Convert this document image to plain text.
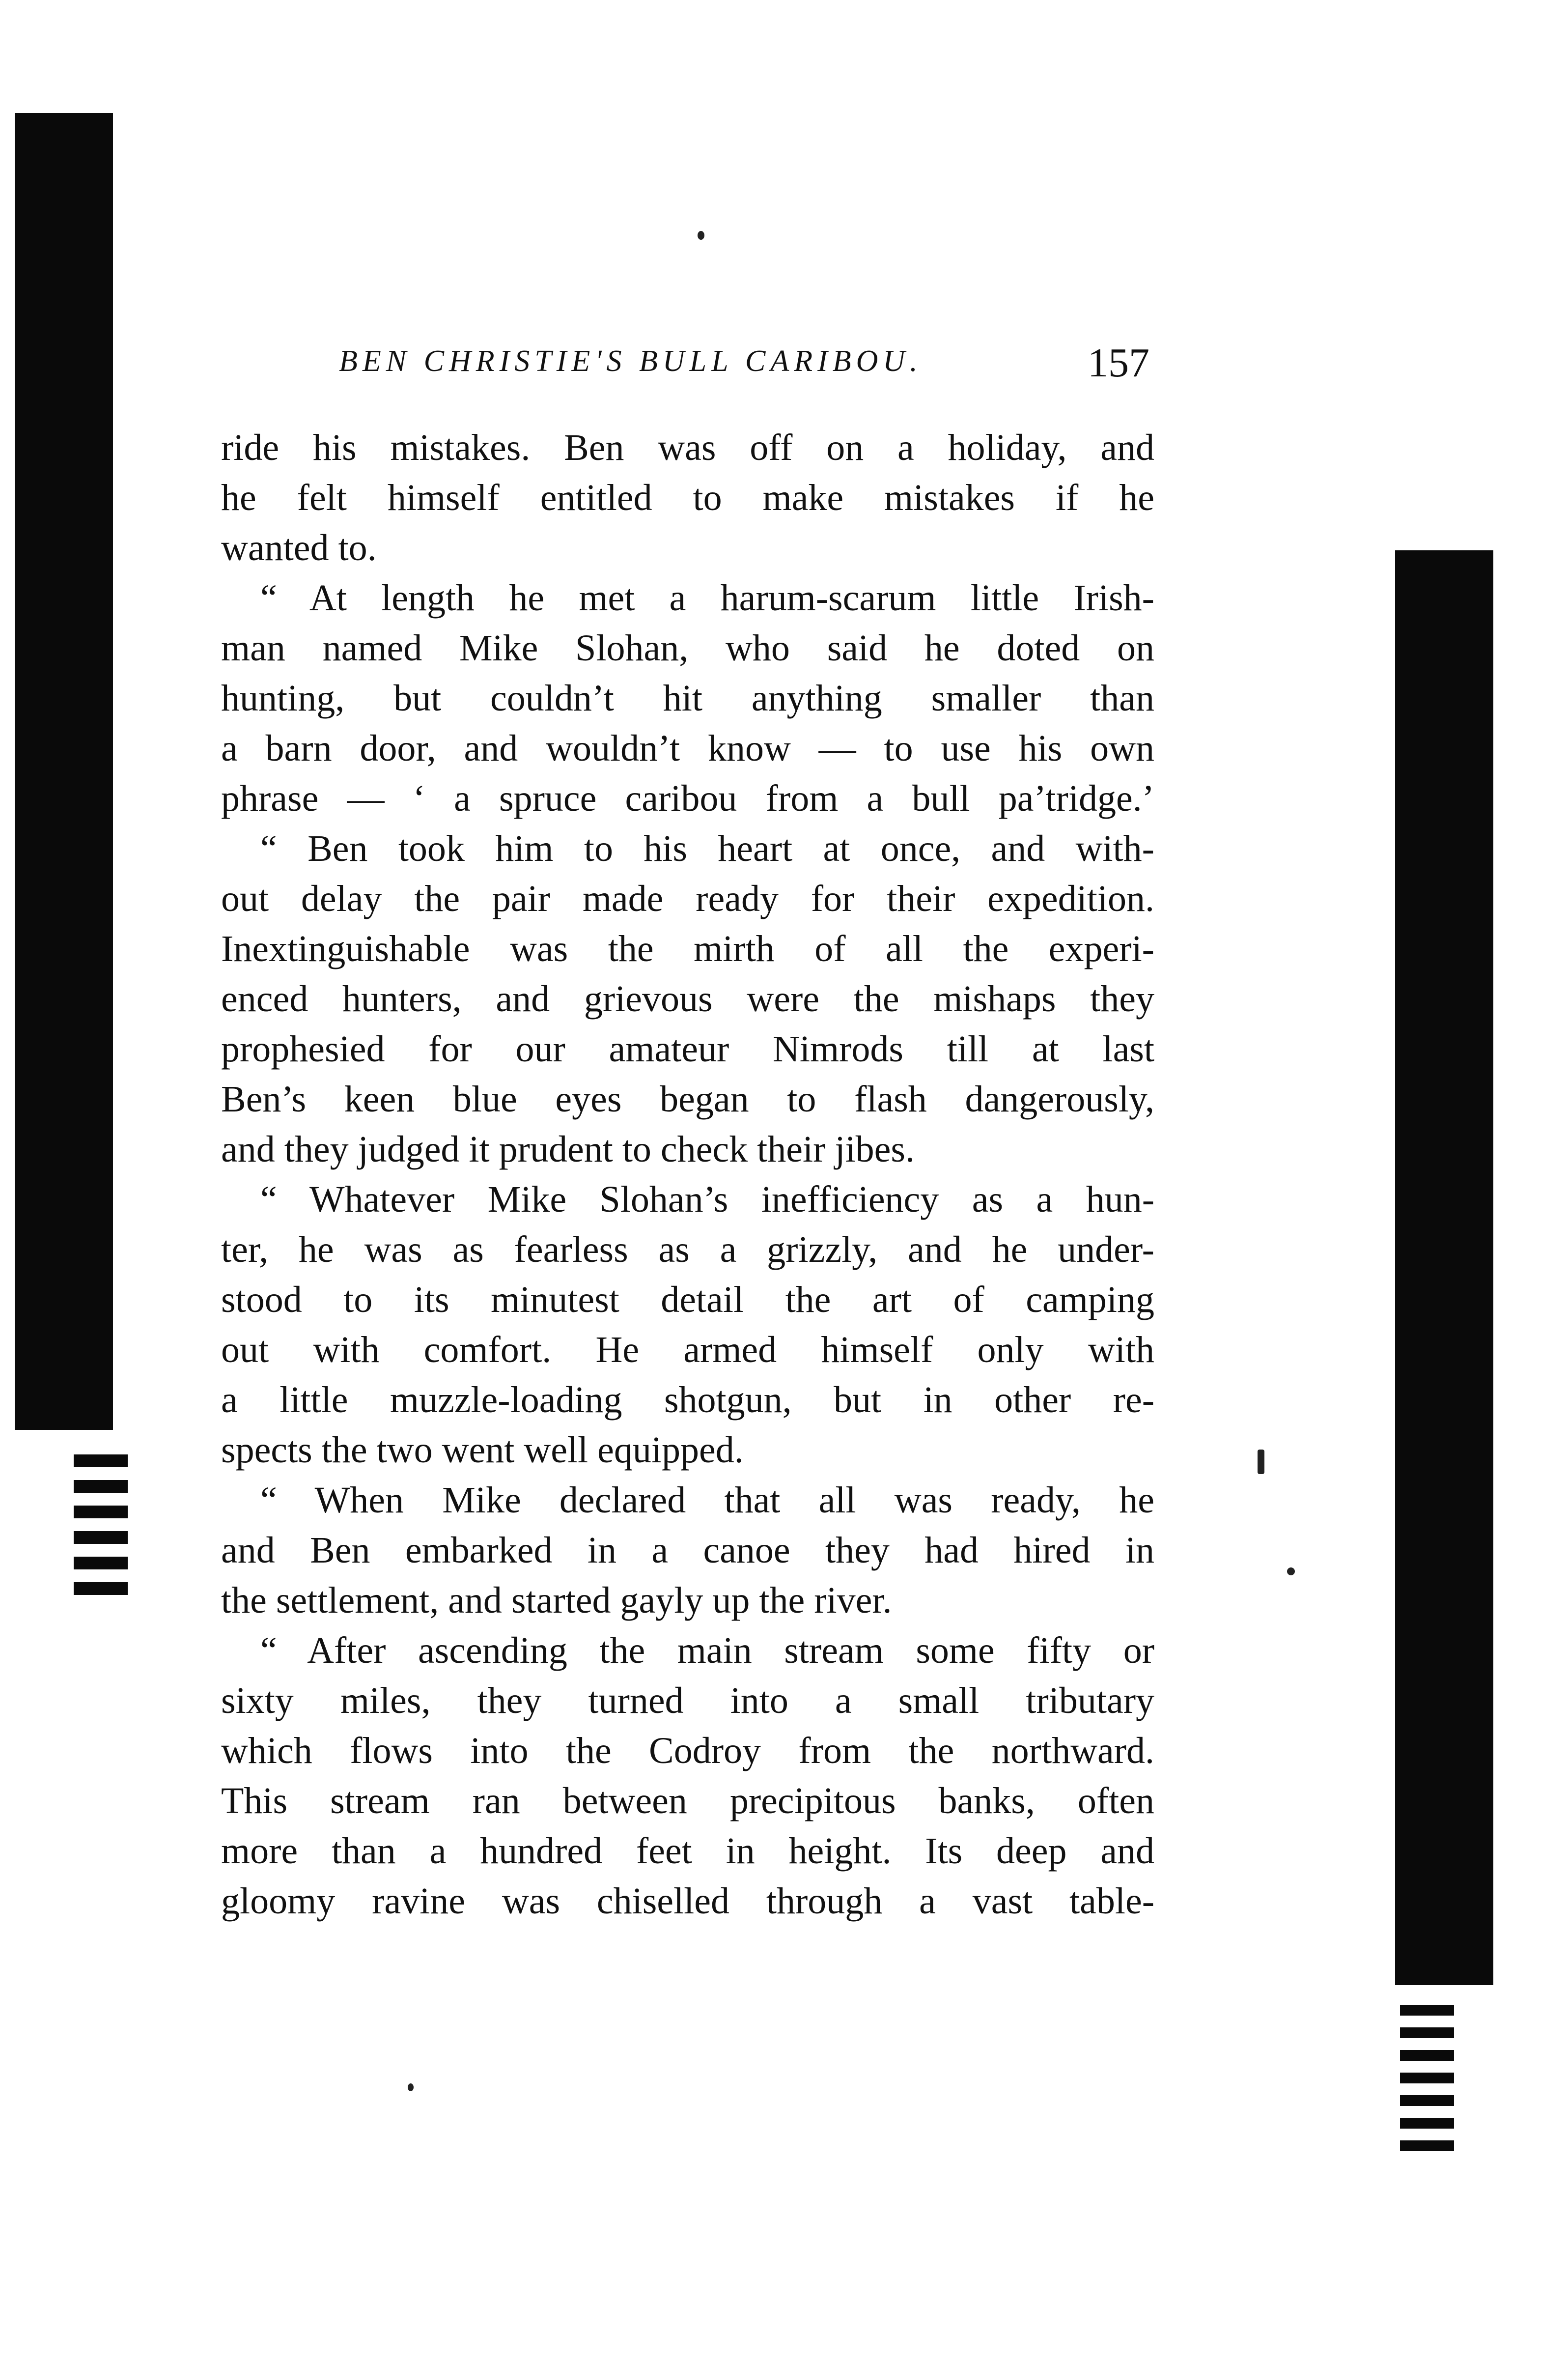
BEN CHRISTIE'S BULL CARIBOU.	157
ride his mistakes. Ben was off on a holiday, and
he felt himself entitled to make mistakes if he
wanted to.
“ At length he met a harum-scarum little Irish-
man named Mike Slohan, who said he doted on
hunting, but couldn’t hit anything smaller than
a barn door, and wouldn’t know — to use his own
phrase — ‘ a spruce caribou from a bull pa’tridge.’
“ Ben took him to his heart at once, and with-
out delay the pair made ready for their expedition.
Inextinguishable was the mirth of all the experi-
enced hunters, and grievous were the mishaps they
prophesied for our amateur Nimrods till at last
Ben’s keen blue eyes began to flash dangerously,
and they judged it prudent to check their jibes.
“ Whatever Mike Slohan’s inefficiency as a hun-
ter, he was as fearless as a grizzly, and he under-
stood to its minutest detail the art of camping
out with comfort. He armed himself only with
a little muzzle-loading shotgun, but in other re-
spects the two went well equipped.
“ When Mike declared that all was ready, he
and Ben embarked in a canoe they had hired in
the settlement, and started gayly up the river.
“ After ascending the main stream some fifty or
sixty miles, they turned into a small tributary
which flows into the Codroy from the northward.
This stream ran between precipitous banks, often
more than a hundred feet in height. Its deep and
gloomy ravine was chiselled through a vast table-
